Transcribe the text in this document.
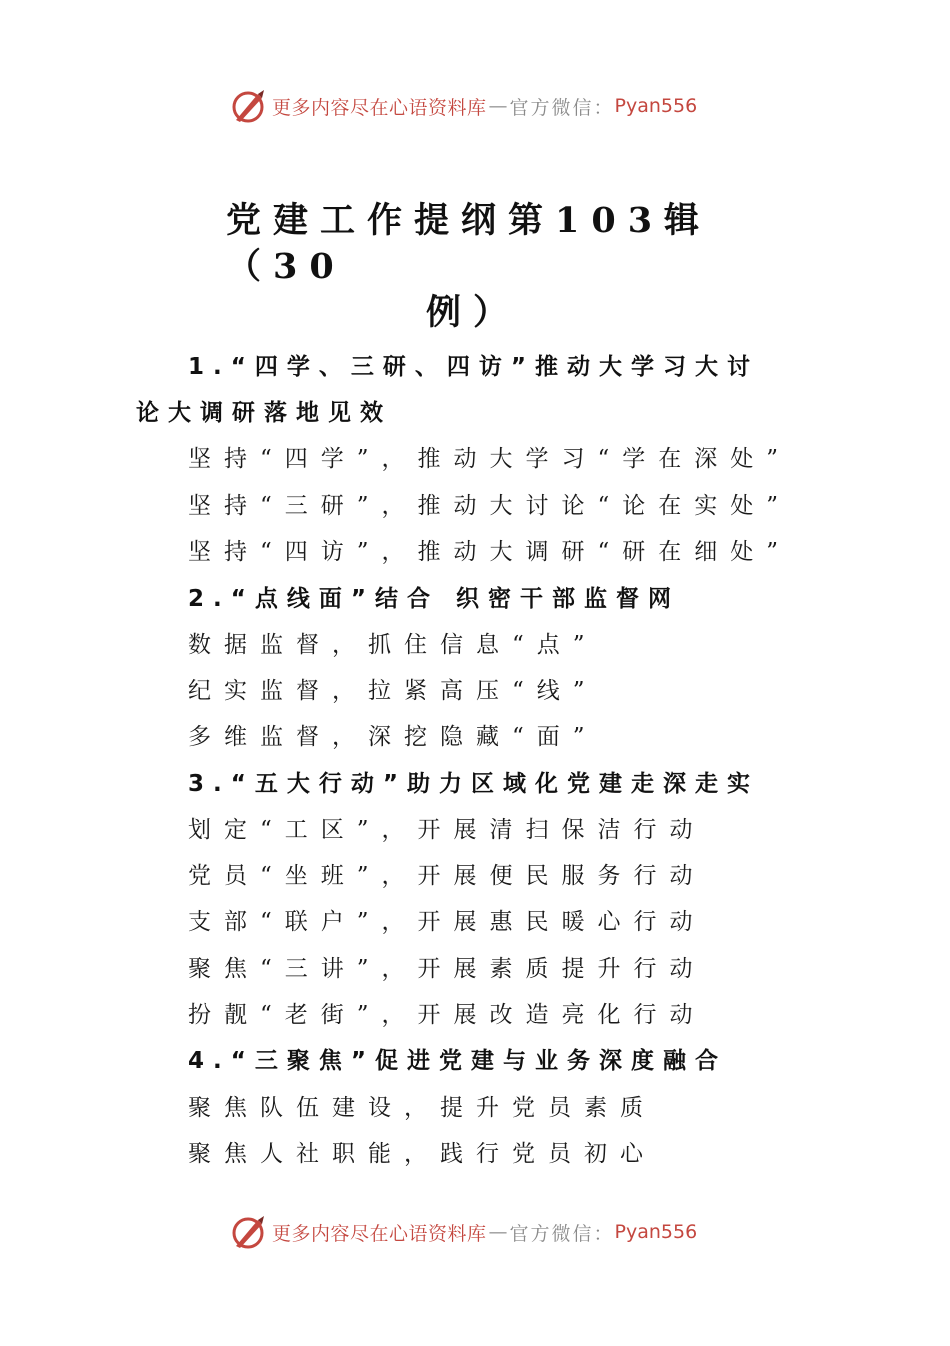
更多内容尽在心语资料库 — 官方微信： Pyan556
党建工作提纲第103辑（30
例）
1.“四学、三研、四访”推动大学习大讨
论大调研落地见效
坚持“四学”，推动大学习“学在深处”
坚持“三研”，推动大讨论“论在实处”
坚持“四访”，推动大调研“研在细处”
2.“点线面”结合 织密干部监督网
数据监督，抓住信息“点”
纪实监督，拉紧高压“线”
多维监督，深挖隐藏“面”
3.“五大行动”助力区域化党建走深走实
划定“工区”，开展清扫保洁行动
党员“坐班”，开展便民服务行动
支部“联户”，开展惠民暖心行动
聚焦“三讲”，开展素质提升行动
扮靓“老街”，开展改造亮化行动
4.“三聚焦”促进党建与业务深度融合
聚焦队伍建设，提升党员素质
聚焦人社职能，践行党员初心
更多内容尽在心语资料库 — 官方微信： Pyan556
